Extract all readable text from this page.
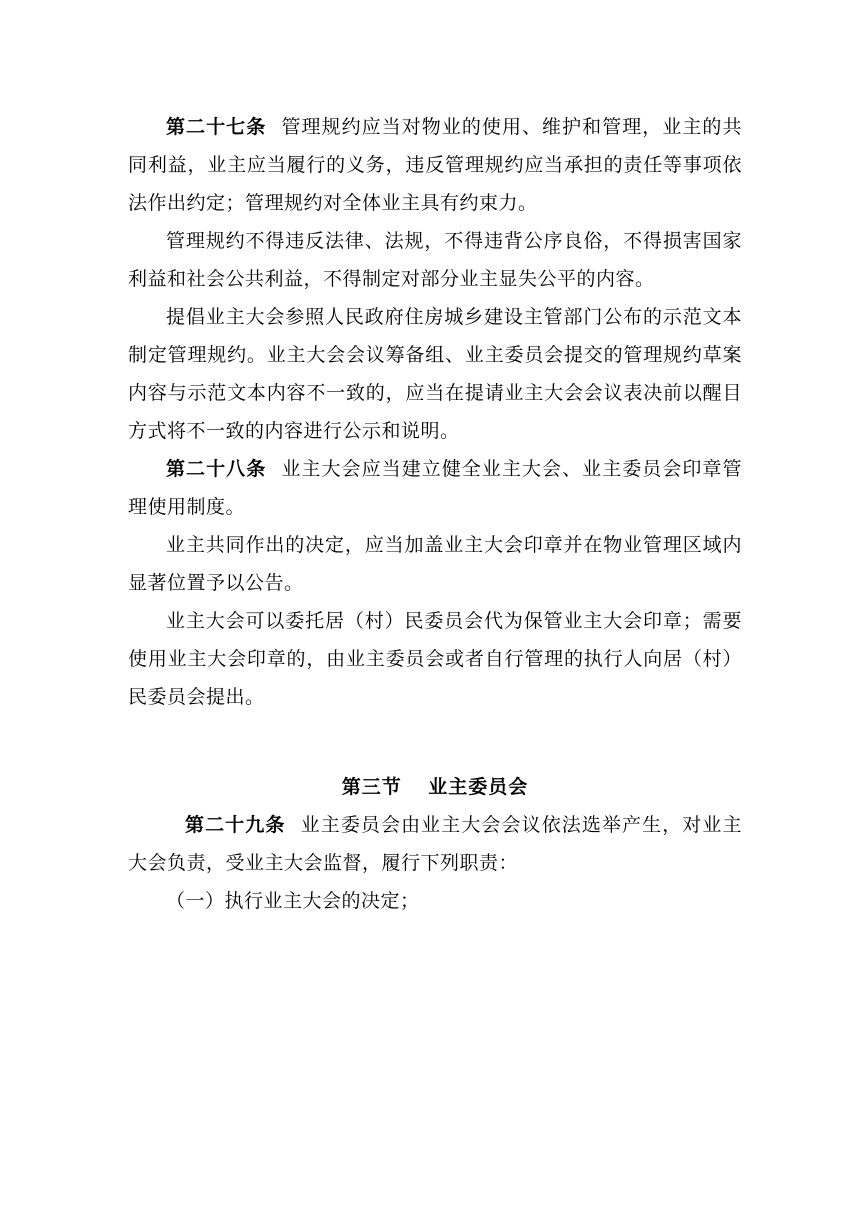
第二十七条 管理规约应当对物业的使用、维护和管理，业主的共同利益，业主应当履行的义务，违反管理规约应当承担的责任等事项依法作出约定；管理规约对全体业主具有约束力。

管理规约不得违反法律、法规，不得违背公序良俗，不得损害国家利益和社会公共利益，不得制定对部分业主显失公平的内容。

提倡业主大会参照人民政府住房城乡建设主管部门公布的示范文本制定管理规约。业主大会会议筹备组、业主委员会提交的管理规约草案内容与示范文本内容不一致的，应当在提请业主大会会议表决前以醒目方式将不一致的内容进行公示和说明。

第二十八条 业主大会应当建立健全业主大会、业主委员会印章管理使用制度。

业主共同作出的决定，应当加盖业主大会印章并在物业管理区域内显著位置予以公告。

业主大会可以委托居（村）民委员会代为保管业主大会印章；需要使用业主大会印章的，由业主委员会或者自行管理的执行人向居（村）民委员会提出。

第三节 业主委员会

第二十九条 业主委员会由业主大会会议依法选举产生，对业主大会负责，受业主大会监督，履行下列职责：

（一）执行业主大会的决定；
